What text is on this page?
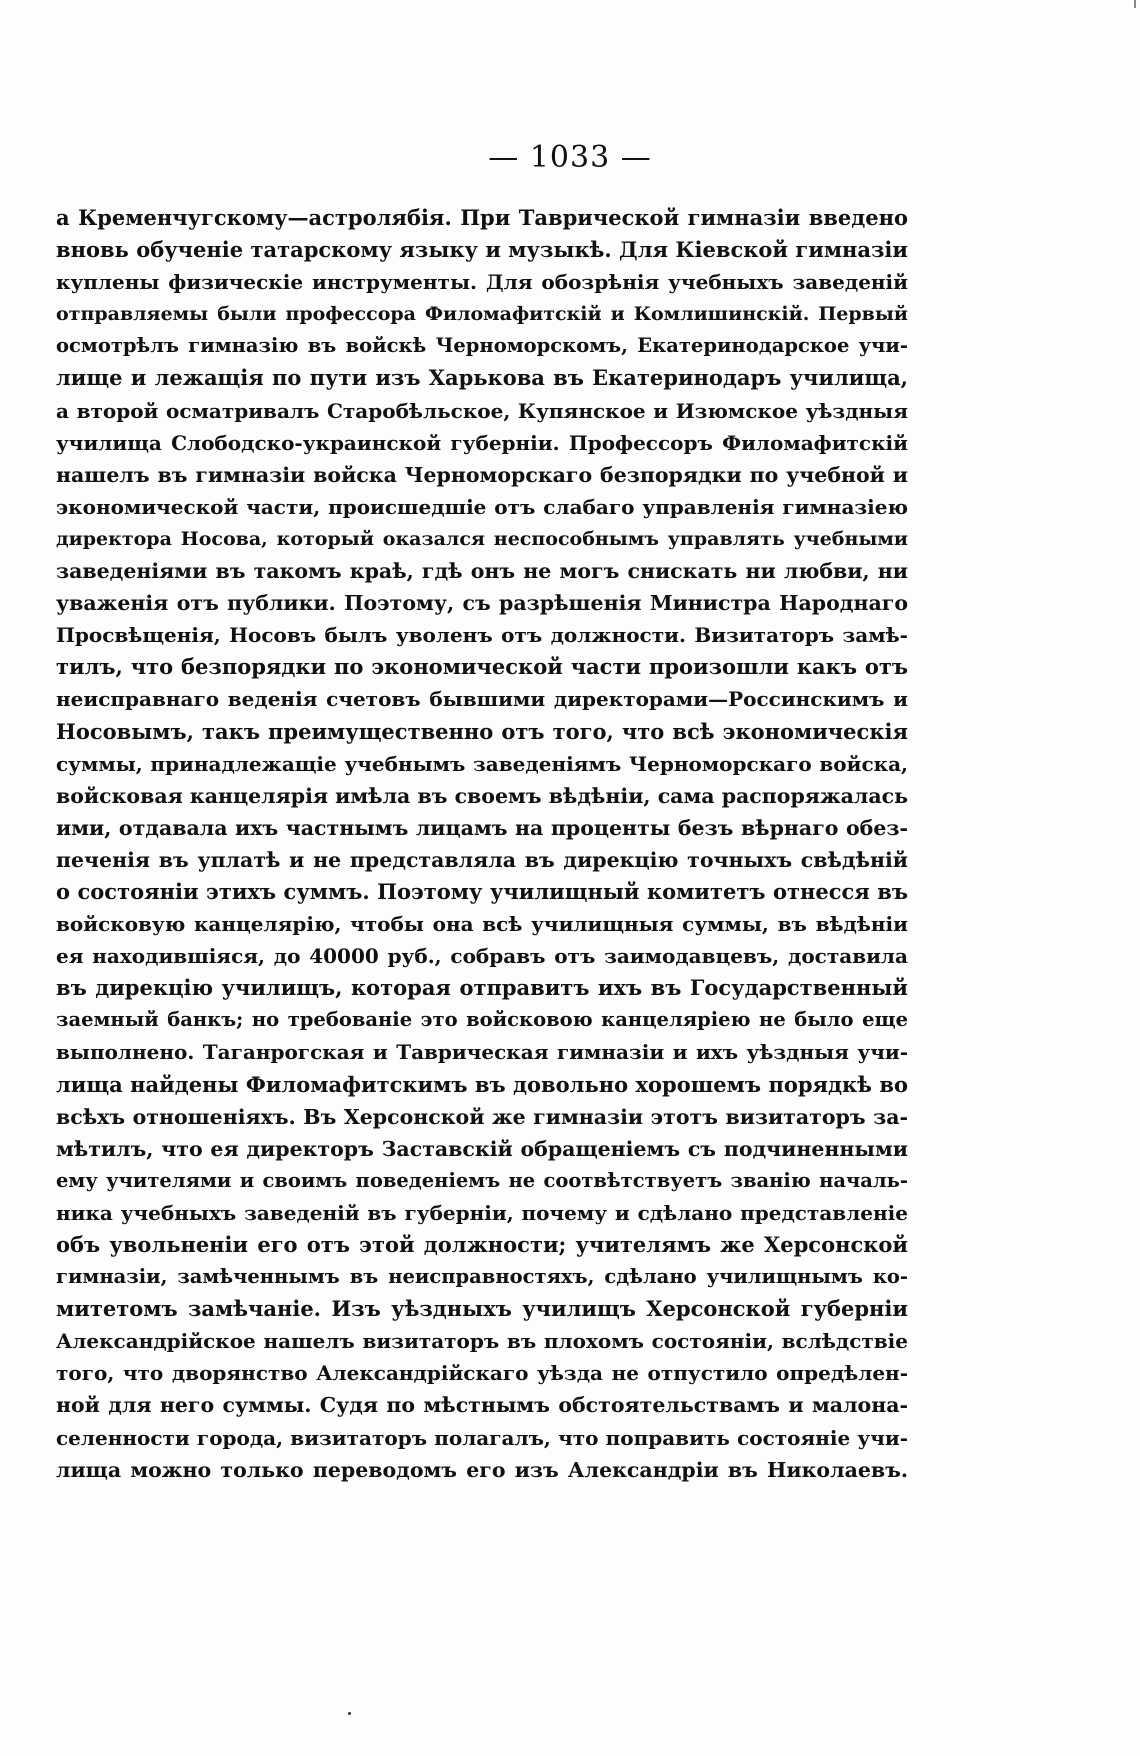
— 1033 —
а Кременчугскому—астролябія. При Таврической гимназіи введено
вновь обученіе татарскому языку и музыкѣ. Для Кіевской гимназіи
куплены физическіе инструменты. Для обозрѣнія учебныхъ заведеній
отправляемы были профессора Филомафитскій и Комлишинскій. Первый
осмотрѣлъ гимназію въ войскѣ Черноморскомъ, Екатеринодарское учи-
лище и лежащія по пути изъ Харькова въ Екатеринодаръ училища,
а второй осматривалъ Старобѣльское, Купянское и Изюмское уѣздныя
училища Слободско-украинской губерніи. Профессоръ Филомафитскій
нашелъ въ гимназіи войска Черноморскаго безпорядки по учебной и
экономической части, происшедшіе отъ слабаго управленія гимназіею
директора Носова, который оказался неспособнымъ управлять учебными
заведеніями въ такомъ краѣ, гдѣ онъ не могъ снискать ни любви, ни
уваженія отъ публики. Поэтому, съ разрѣшенія Министра Народнаго
Просвѣщенія, Носовъ былъ уволенъ отъ должности. Визитаторъ замѣ-
тилъ, что безпорядки по экономической части произошли какъ отъ
неисправнаго веденія счетовъ бывшими директорами—Россинскимъ и
Носовымъ, такъ преимущественно отъ того, что всѣ экономическія
суммы, принадлежащіе учебнымъ заведеніямъ Черноморскаго войска,
войсковая канцелярія имѣла въ своемъ вѣдѣніи, сама распоряжалась
ими, отдавала ихъ частнымъ лицамъ на проценты безъ вѣрнаго обез-
печенія въ уплатѣ и не представляла въ дирекцію точныхъ свѣдѣній
о состояніи этихъ суммъ. Поэтому училищный комитетъ отнесся въ
войсковую канцелярію, чтобы она всѣ училищныя суммы, въ вѣдѣніи
ея находившіяся, до 40000 руб., собравъ отъ заимодавцевъ, доставила
въ дирекцію училищъ, которая отправитъ ихъ въ Государственный
заемный банкъ; но требованіе это войсковою канцеляріею не было еще
выполнено. Таганрогская и Таврическая гимназіи и ихъ уѣздныя учи-
лища найдены Филомафитскимъ въ довольно хорошемъ порядкѣ во
всѣхъ отношеніяхъ. Въ Херсонской же гимназіи этотъ визитаторъ за-
мѣтилъ, что ея директоръ Заставскій обращеніемъ съ подчиненными
ему учителями и своимъ поведеніемъ не соотвѣтствуетъ званію началь-
ника учебныхъ заведеній въ губерніи, почему и сдѣлано представленіе
объ увольненіи его отъ этой должности; учителямъ же Херсонской
гимназіи, замѣченнымъ въ неисправностяхъ, сдѣлано училищнымъ ко-
митетомъ замѣчаніе. Изъ уѣздныхъ училищъ Херсонской губерніи
Александрійское нашелъ визитаторъ въ плохомъ состояніи, вслѣдствіе
того, что дворянство Александрійскаго уѣзда не отпустило опредѣлен-
ной для него суммы. Судя по мѣстнымъ обстоятельствамъ и малона-
селенности города, визитаторъ полагалъ, что поправить состояніе учи-
лища можно только переводомъ его изъ Александріи въ Николаевъ.
